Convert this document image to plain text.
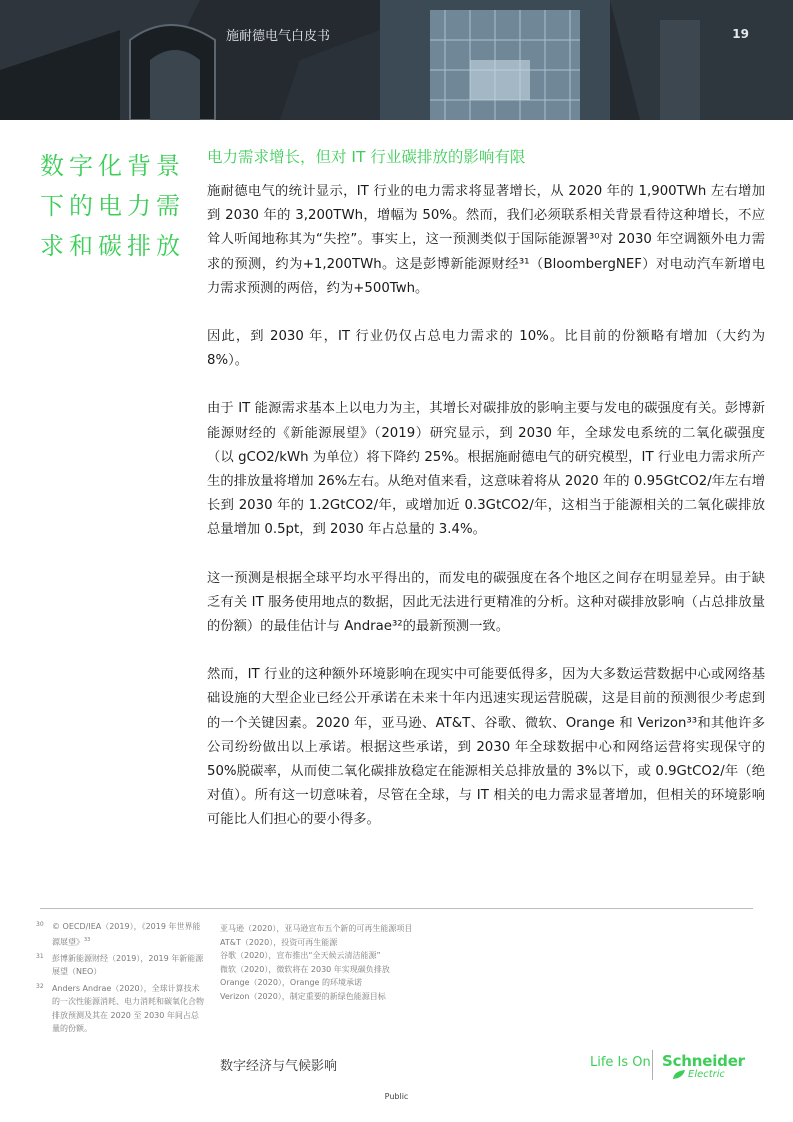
施耐德电气白皮书	19
数字化背景
下的电力需
求和碳排放
电力需求增长，但对 IT 行业碳排放的影响有限

施耐德电气的统计显示，IT 行业的电力需求将显著增长，从 2020 年的 1,900TWh 左右增加到 2030 年的 3,200TWh，增幅为 50%。然而，我们必须联系相关背景看待这种增长，不应耸人听闻地称其为“失控”。事实上，这一预测类似于国际能源署³⁰对 2030 年空调额外电力需求的预测，约为+1,200TWh。这是彭博新能源财经³¹（BloombergNEF）对电动汽车新增电力需求预测的两倍，约为+500Twh。

因此，到 2030 年，IT 行业仍仅占总电力需求的 10%。比目前的份额略有增加（大约为 8%）。

由于 IT 能源需求基本上以电力为主，其增长对碳排放的影响主要与发电的碳强度有关。彭博新能源财经的《新能源展望》（2019）研究显示，到 2030 年，全球发电系统的二氧化碳强度（以 gCO2/kWh 为单位）将下降约 25%。根据施耐德电气的研究模型，IT 行业电力需求所产生的排放量将增加 26%左右。从绝对值来看，这意味着将从 2020 年的 0.95GtCO2/年左右增长到 2030 年的 1.2GtCO2/年，或增加近 0.3GtCO2/年，这相当于能源相关的二氧化碳排放总量增加 0.5pt，到 2030 年占总量的 3.4%。

这一预测是根据全球平均水平得出的，而发电的碳强度在各个地区之间存在明显差异。由于缺乏有关 IT 服务使用地点的数据，因此无法进行更精准的分析。这种对碳排放影响（占总排放量的份额）的最佳估计与 Andrae³²的最新预测一致。

然而，IT 行业的这种额外环境影响在现实中可能要低得多，因为大多数运营数据中心或网络基础设施的大型企业已经公开承诺在未来十年内迅速实现运营脱碳，这是目前的预测很少考虑到的一个关键因素。2020 年，亚马逊、AT&T、谷歌、微软、Orange 和 Verizon³³和其他许多公司纷纷做出以上承诺。根据这些承诺，到 2030 年全球数据中心和网络运营将实现保守的 50%脱碳率，从而使二氧化碳排放稳定在能源相关总排放量的 3%以下，或 0.9GtCO2/年（绝对值）。所有这一切意味着，尽管在全球，与 IT 相关的电力需求显著增加，但相关的环境影响可能比人们担心的要小得多。

30 © OECD/IEA（2019），《2019 年世界能源展望》$^{33}$
31 彭博新能源财经（2019），2019 年新能源展望（NEO）
32 Anders Andrae（2020），全球计算技术的一次性能源消耗、电力消耗和碳氧化合物排放预测及其在 2020 至 2030 年间占总量的份额。
亚马逊（2020），亚马逊宣布五个新的可再生能源项目
AT&T（2020），投资可再生能源
谷歌（2020），宣布推出“全天候云清洁能源”
微软（2020），微软将在 2030 年实现碳负排放
Orange（2020），Orange 的环境承诺
Verizon（2020），制定重要的新绿色能源目标
数字经济与气候影响	Life Is On Schneider
Electric
Public
